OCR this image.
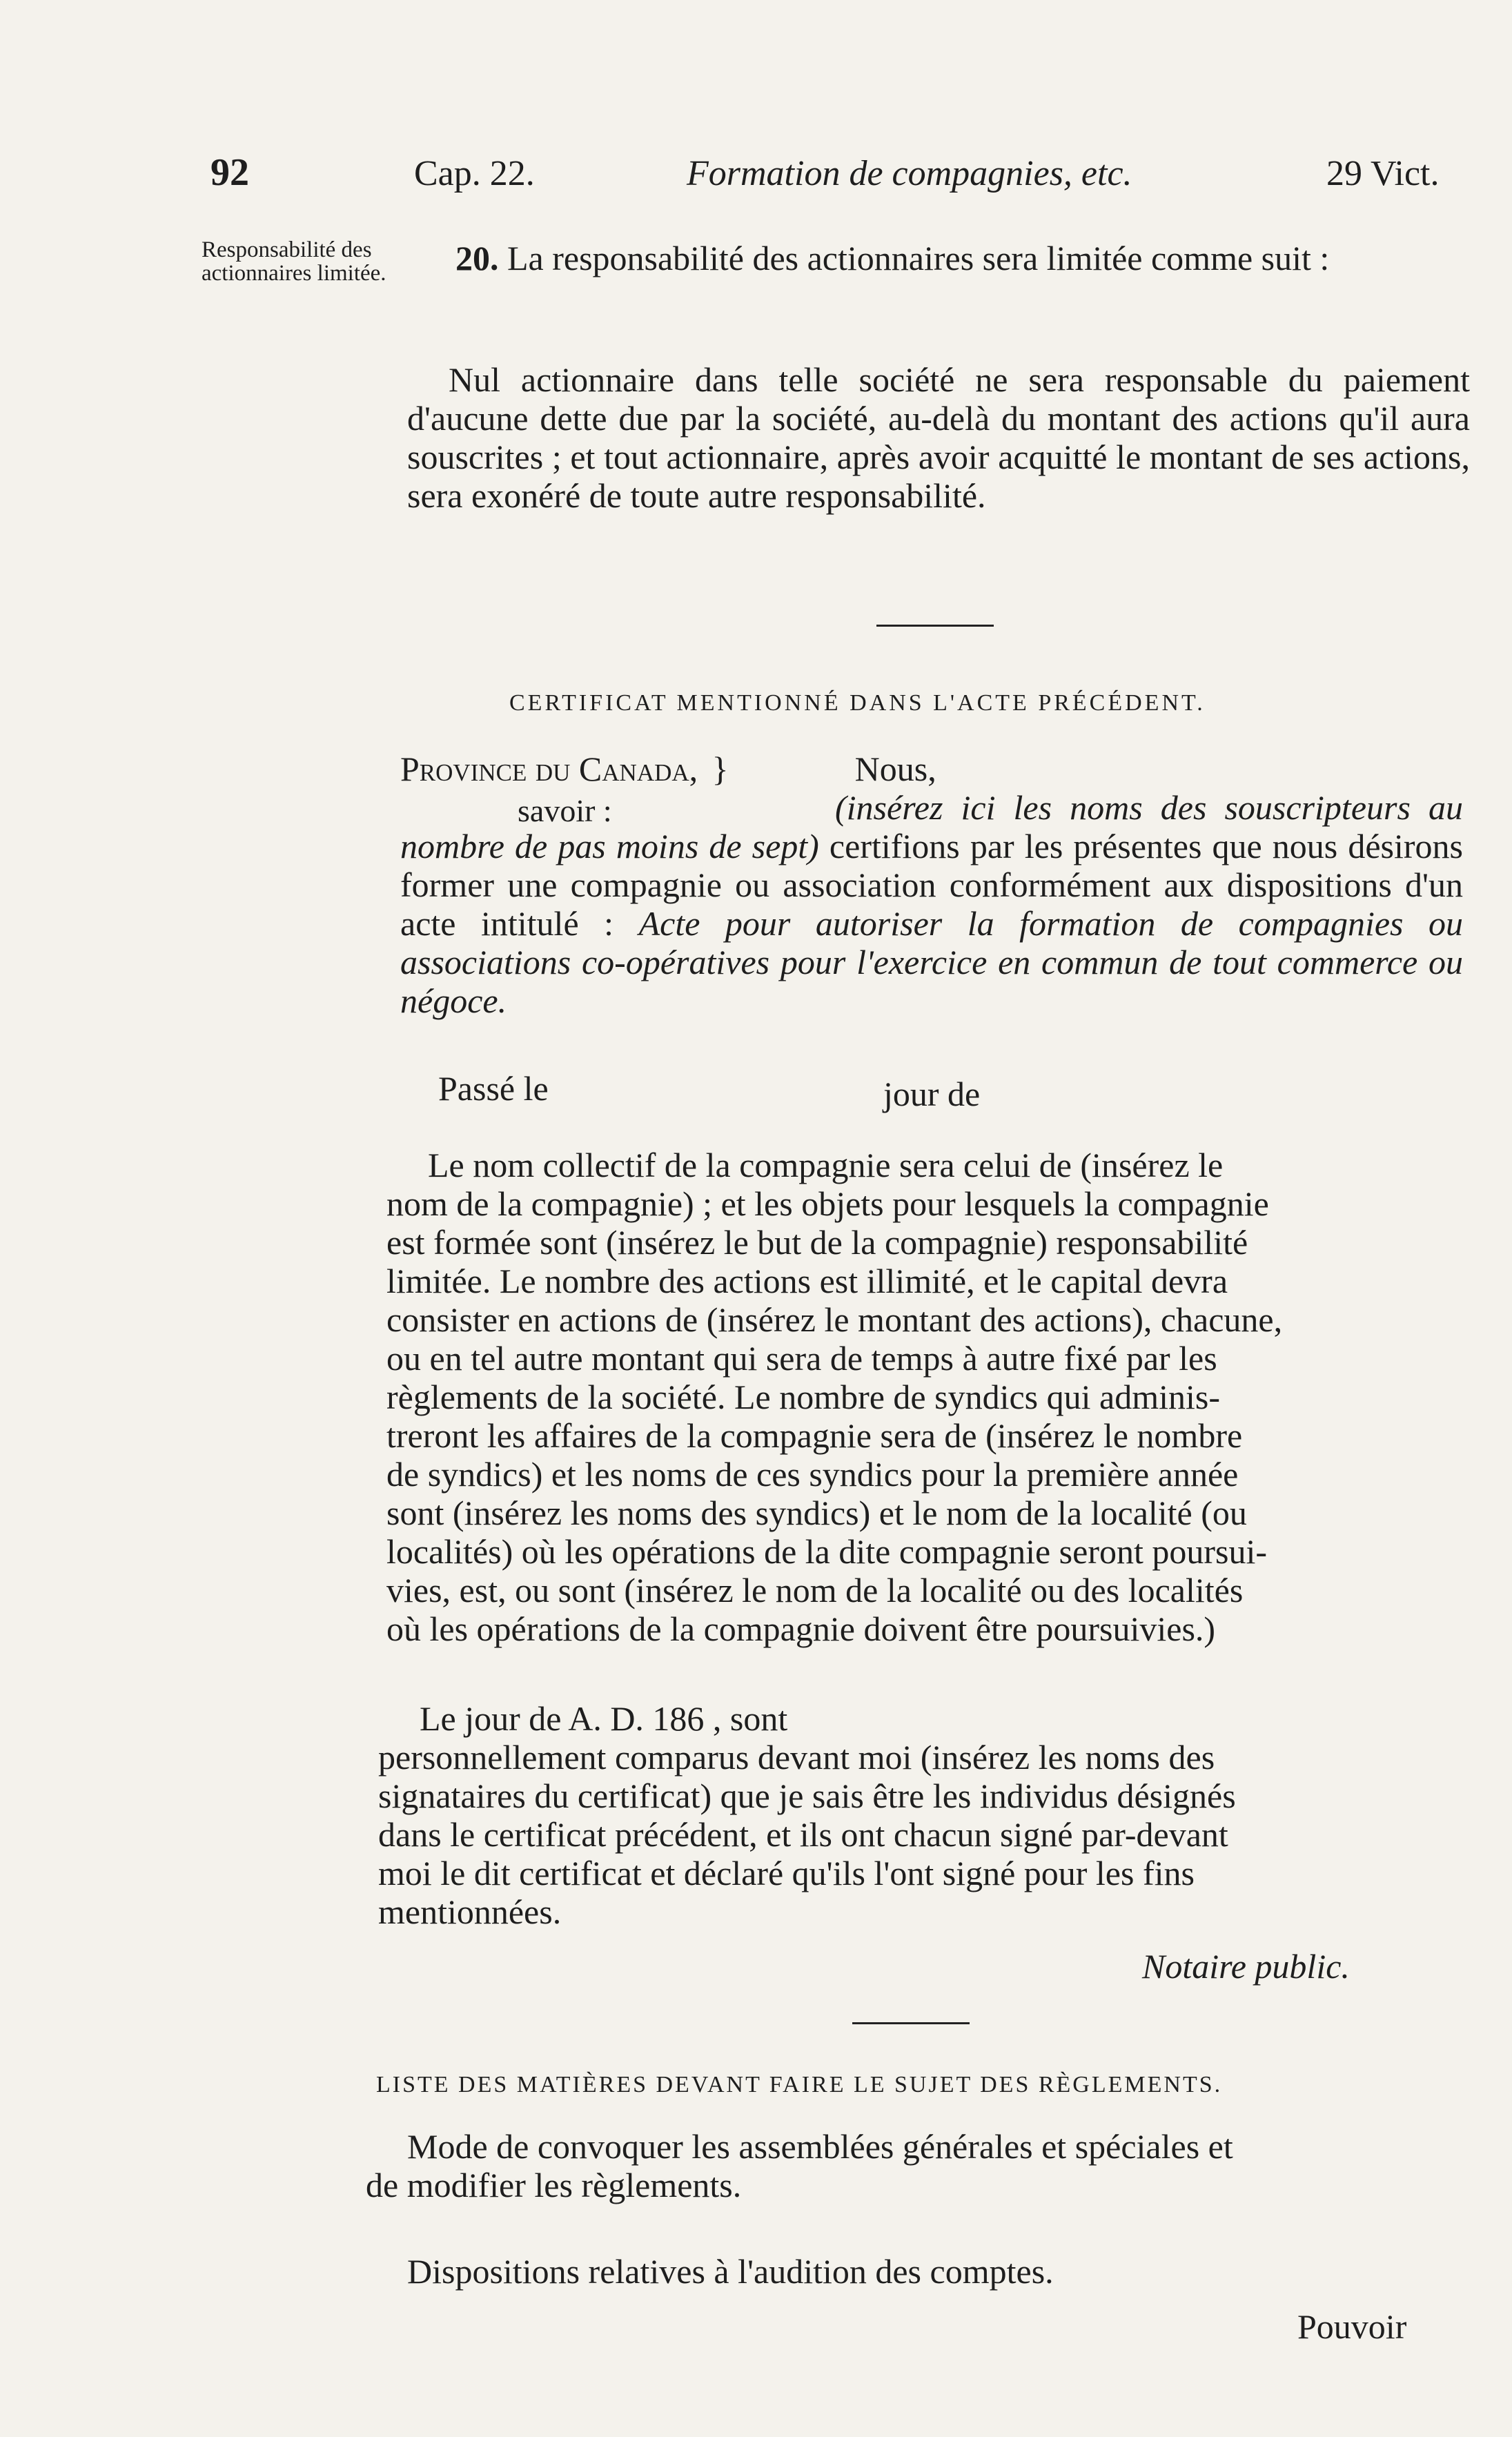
92	Cap. 22.	Formation de compagnies, etc.	29 Vict.
Responsabilité des actionnaires limitée.	20. La responsabilité des actionnaires sera limitée comme suit :
Nul actionnaire dans telle société ne sera responsable du paiement d'aucune dette due par la société, au-delà du montant des actions qu'il aura souscrites ; et tout actionnaire, après avoir acquitté le montant de ses actions, sera exonéré de toute autre responsabilité.
CERTIFICAT MENTIONNÉ DANS L'ACTE PRÉCÉDENT.
Province du Canada, }	Nous,
savoir :	(insérez ici les noms des souscripteurs au nombre de pas moins de sept) certifions par les présentes que nous désirons former une compagnie ou association conformément aux dispositions d'un acte intitulé : Acte pour autoriser la formation de compagnies ou associations co-opératives pour l'exercice en commun de tout commerce ou négoce.
Passé le	jour de
Le nom collectif de la compagnie sera celui de (insérez le
nom de la compagnie) ; et les objets pour lesquels la compagnie
est formée sont (insérez le but de la compagnie) responsabilité
limitée. Le nombre des actions est illimité, et le capital devra
consister en actions de (insérez le montant des actions), chacune,
ou en tel autre montant qui sera de temps à autre fixé par les
règlements de la société. Le nombre de syndics qui adminis-
treront les affaires de la compagnie sera de (insérez le nombre
de syndics) et les noms de ces syndics pour la première année
sont (insérez les noms des syndics) et le nom de la localité (ou
localités) où les opérations de la dite compagnie seront poursui-
vies, est, ou sont (insérez le nom de la localité ou des localités
où les opérations de la compagnie doivent être poursuivies.)
Le jour de A. D. 186 , sont
personnellement comparus devant moi (insérez les noms des
signataires du certificat) que je sais être les individus désignés
dans le certificat précédent, et ils ont chacun signé par-devant
moi le dit certificat et déclaré qu'ils l'ont signé pour les fins
mentionnées.
Notaire public.
LISTE DES MATIÈRES DEVANT FAIRE LE SUJET DES RÈGLEMENTS.
Mode de convoquer les assemblées générales et spéciales et
de modifier les règlements.
Dispositions relatives à l'audition des comptes.
Pouvoir
